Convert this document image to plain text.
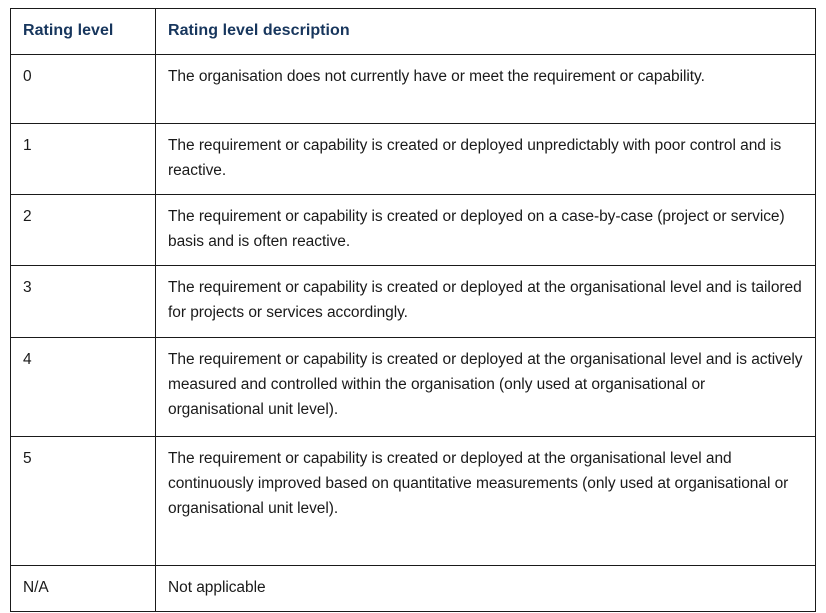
Rating level	Rating level description
0	The organisation does not currently have or meet the requirement or capability.
1	The requirement or capability is created or deployed unpredictably with poor control and is reactive.
2	The requirement or capability is created or deployed on a case-by-case (project or service) basis and is often reactive.
3	The requirement or capability is created or deployed at the organisational level and is tailored for projects or services accordingly.
4	The requirement or capability is created or deployed at the organisational level and is actively measured and controlled within the organisation (only used at organisational or organisational unit level).
5	The requirement or capability is created or deployed at the organisational level and continuously improved based on quantitative measurements (only used at organisational or organisational unit level).
N/A	Not applicable
